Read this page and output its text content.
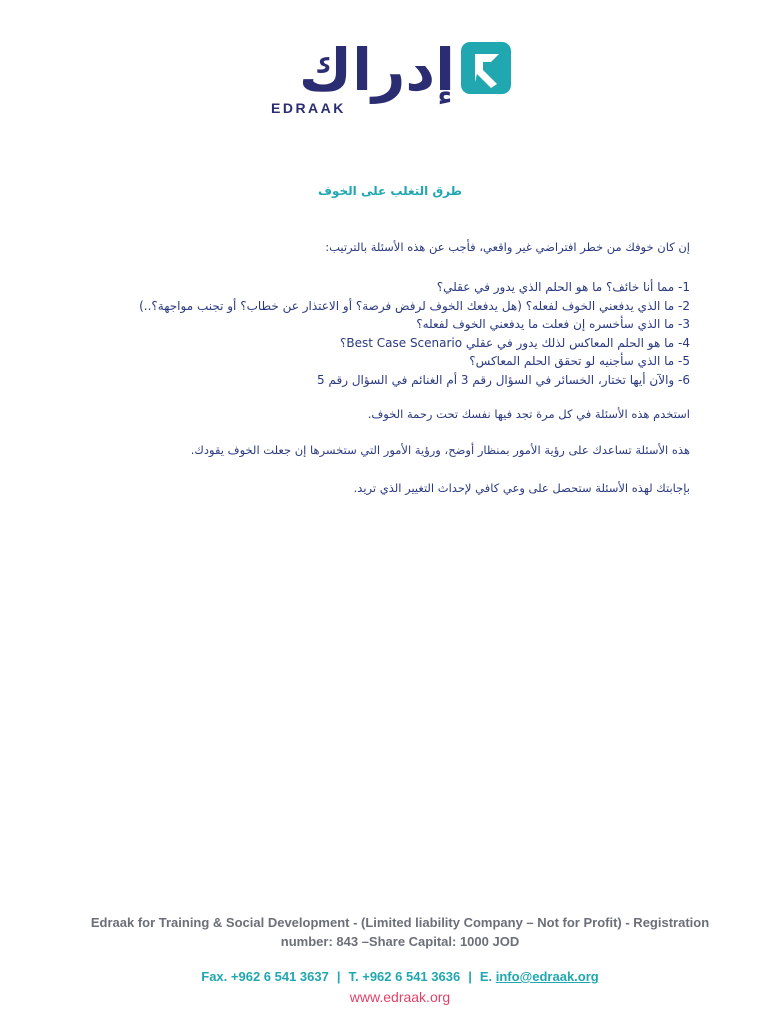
إدراك
EDRAAK
طرق التغلب على الخوف
إن كان خوفك من خطر افتراضي غير واقعي، فأجب عن هذه الأسئلة بالترتيب:
1- مما أنا خائف؟ ما هو الحلم الذي يدور في عقلي؟
2- ما الذي يدفعني الخوف لفعله؟ (هل يدفعك الخوف لرفض فرصة؟ أو الاعتذار عن خطاب؟ أو تجنب مواجهة؟..)
3- ما الذي سأخسره إن فعلت ما يدفعني الخوف لفعله؟
4- ما هو الحلم المعاكس لذلك يدور في عقلي Best Case Scenario؟
5- ما الذي سأجنيه لو تحقق الحلم المعاكس؟
6- والآن أيها تختار، الخسائر في السؤال رقم 3 أم الغنائم في السؤال رقم 5
استخدم هذه الأسئلة في كل مرة تجد فيها نفسك تحت رحمة الخوف.
هذه الأسئلة تساعدك على رؤية الأمور بمنظار أوضح، ورؤية الأمور التي ستخسرها إن جعلت الخوف يقودك.
بإجابتك لهذه الأسئلة ستحصل على وعي كافي لإحداث التغيير الذي تريد.
Edraak for Training & Social Development - (Limited liability Company – Not for Profit) - Registration
number: 843 –Share Capital: 1000 JOD
Fax. +962 6 541 3637 | T. +962 6 541 3636 | E. info@edraak.org
www.edraak.org
